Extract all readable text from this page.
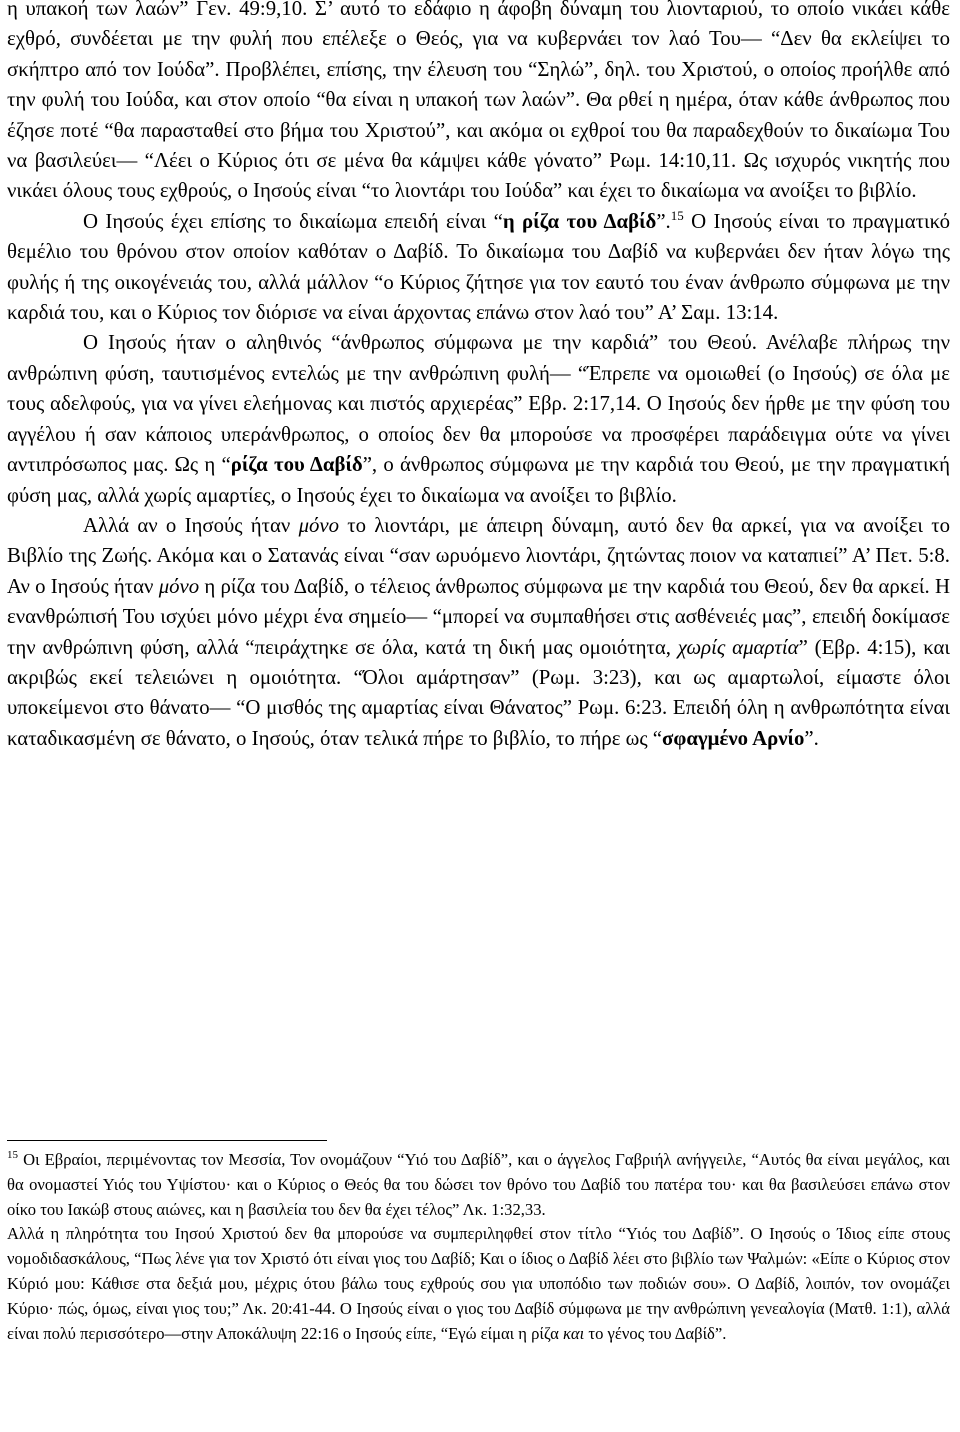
η υπακοή των λαών” Γεν. 49:9,10. Σ’ αυτό το εδάφιο η άφοβη δύναμη του λιονταριού, το οποίο νικάει κάθε εχθρό, συνδέεται με την φυλή που επέλεξε ο Θεός, για να κυβερνάει τον λαό Του— “Δεν θα εκλείψει το σκήπτρο από τον Ιούδα”. Προβλέπει, επίσης, την έλευση του “Σηλώ”, δηλ. του Χριστού, ο οποίος προήλθε από την φυλή του Ιούδα, και στον οποίο “θα είναι η υπακοή των λαών”. Θα ρθεί η ημέρα, όταν κάθε άνθρωπος που έζησε ποτέ “θα παρασταθεί στο βήμα του Χριστού”, και ακόμα οι εχθροί του θα παραδεχθούν το δικαίωμα Του να βασιλεύει— “Λέει ο Κύριος ότι σε μένα θα κάμψει κάθε γόνατο” Ρωμ. 14:10,11. Ως ισχυρός νικητής που νικάει όλους τους εχθρούς, ο Ιησούς είναι “το λιοντάρι του Ιούδα” και έχει το δικαίωμα να ανοίξει το βιβλίο.

Ο Ιησούς έχει επίσης το δικαίωμα επειδή είναι “η ρίζα του Δαβίδ”.$^{15}$ Ο Ιησούς είναι το πραγματικό θεμέλιο του θρόνου στον οποίον καθόταν ο Δαβίδ. Το δικαίωμα του Δαβίδ να κυβερνάει δεν ήταν λόγω της φυλής ή της οικογένειάς του, αλλά μάλλον “ο Κύριος ζήτησε για τον εαυτό του έναν άνθρωπο σύμφωνα με την καρδιά του, και ο Κύριος τον διόρισε να είναι άρχοντας επάνω στον λαό του” Α’ Σαμ. 13:14.

Ο Ιησούς ήταν ο αληθινός “άνθρωπος σύμφωνα με την καρδιά” του Θεού. Ανέλαβε πλήρως την ανθρώπινη φύση, ταυτισμένος εντελώς με την ανθρώπινη φυλή— “Έπρεπε να ομοιωθεί (ο Ιησούς) σε όλα με τους αδελφούς, για να γίνει ελεήμονας και πιστός αρχιερέας” Εβρ. 2:17,14. Ο Ιησούς δεν ήρθε με την φύση του αγγέλου ή σαν κάποιος υπεράνθρωπος, ο οποίος δεν θα μπορούσε να προσφέρει παράδειγμα ούτε να γίνει αντιπρόσωπος μας. Ως η “ρίζα του Δαβίδ”, ο άνθρωπος σύμφωνα με την καρδιά του Θεού, με την πραγματική φύση μας, αλλά χωρίς αμαρτίες, ο Ιησούς έχει το δικαίωμα να ανοίξει το βιβλίο.

Αλλά αν ο Ιησούς ήταν μόνο το λιοντάρι, με άπειρη δύναμη, αυτό δεν θα αρκεί, για να ανοίξει το Βιβλίο της Ζωής. Ακόμα και ο Σατανάς είναι “σαν ωρυόμενο λιοντάρι, ζητώντας ποιον να καταπιεί” Α’ Πετ. 5:8. Αν ο Ιησούς ήταν μόνο η ρίζα του Δαβίδ, ο τέλειος άνθρωπος σύμφωνα με την καρδιά του Θεού, δεν θα αρκεί. Η ενανθρώπισή Του ισχύει μόνο μέχρι ένα σημείο— “μπορεί να συμπαθήσει στις ασθένειές μας”, επειδή δοκίμασε την ανθρώπινη φύση, αλλά “πειράχτηκε σε όλα, κατά τη δική μας ομοιότητα, χωρίς αμαρτία” (Εβρ. 4:15), και ακριβώς εκεί τελειώνει η ομοιότητα. “Όλοι αμάρτησαν” (Ρωμ. 3:23), και ως αμαρτωλοί, είμαστε όλοι υποκείμενοι στο θάνατο— “Ο μισθός της αμαρτίας είναι Θάνατος” Ρωμ. 6:23. Επειδή όλη η ανθρωπότητα είναι καταδικασμένη σε θάνατο, ο Ιησούς, όταν τελικά πήρε το βιβλίο, το πήρε ως “σφαγμένο Αρνίο”.

$^{15}$ Οι Εβραίοι, περιμένοντας τον Μεσσία, Τον ονομάζουν “Υιό του Δαβίδ”, και ο άγγελος Γαβριήλ ανήγγειλε, “Αυτός θα είναι μεγάλος, και θα ονομαστεί Υιός του Υψίστου· και ο Κύριος ο Θεός θα του δώσει τον θρόνο του Δαβίδ του πατέρα του· και θα βασιλεύσει επάνω στον οίκο του Ιακώβ στους αιώνες, και η βασιλεία του δεν θα έχει τέλος” Λκ. 1:32,33.

Αλλά η πληρότητα του Ιησού Χριστού δεν θα μπορούσε να συμπεριληφθεί στον τίτλο “Υιός του Δαβίδ”. Ο Ιησούς ο Ίδιος είπε στους νομοδιδασκάλους, “Πως λένε για τον Χριστό ότι είναι γιος του Δαβίδ; Και ο ίδιος ο Δαβίδ λέει στο βιβλίο των Ψαλμών: «Είπε ο Κύριος στον Κύριό μου: Κάθισε στα δεξιά μου, μέχρις ότου βάλω τους εχθρούς σου για υποπόδιο των ποδιών σου». Ο Δαβίδ, λοιπόν, τον ονομάζει Κύριο· πώς, όμως, είναι γιος του;” Λκ. 20:41-44. Ο Ιησούς είναι ο γιος του Δαβίδ σύμφωνα με την ανθρώπινη γενεαλογία (Ματθ. 1:1), αλλά είναι πολύ περισσότερο—στην Αποκάλυψη 22:16 ο Ιησούς είπε, “Εγώ είμαι η ρίζα και το γένος του Δαβίδ”.
